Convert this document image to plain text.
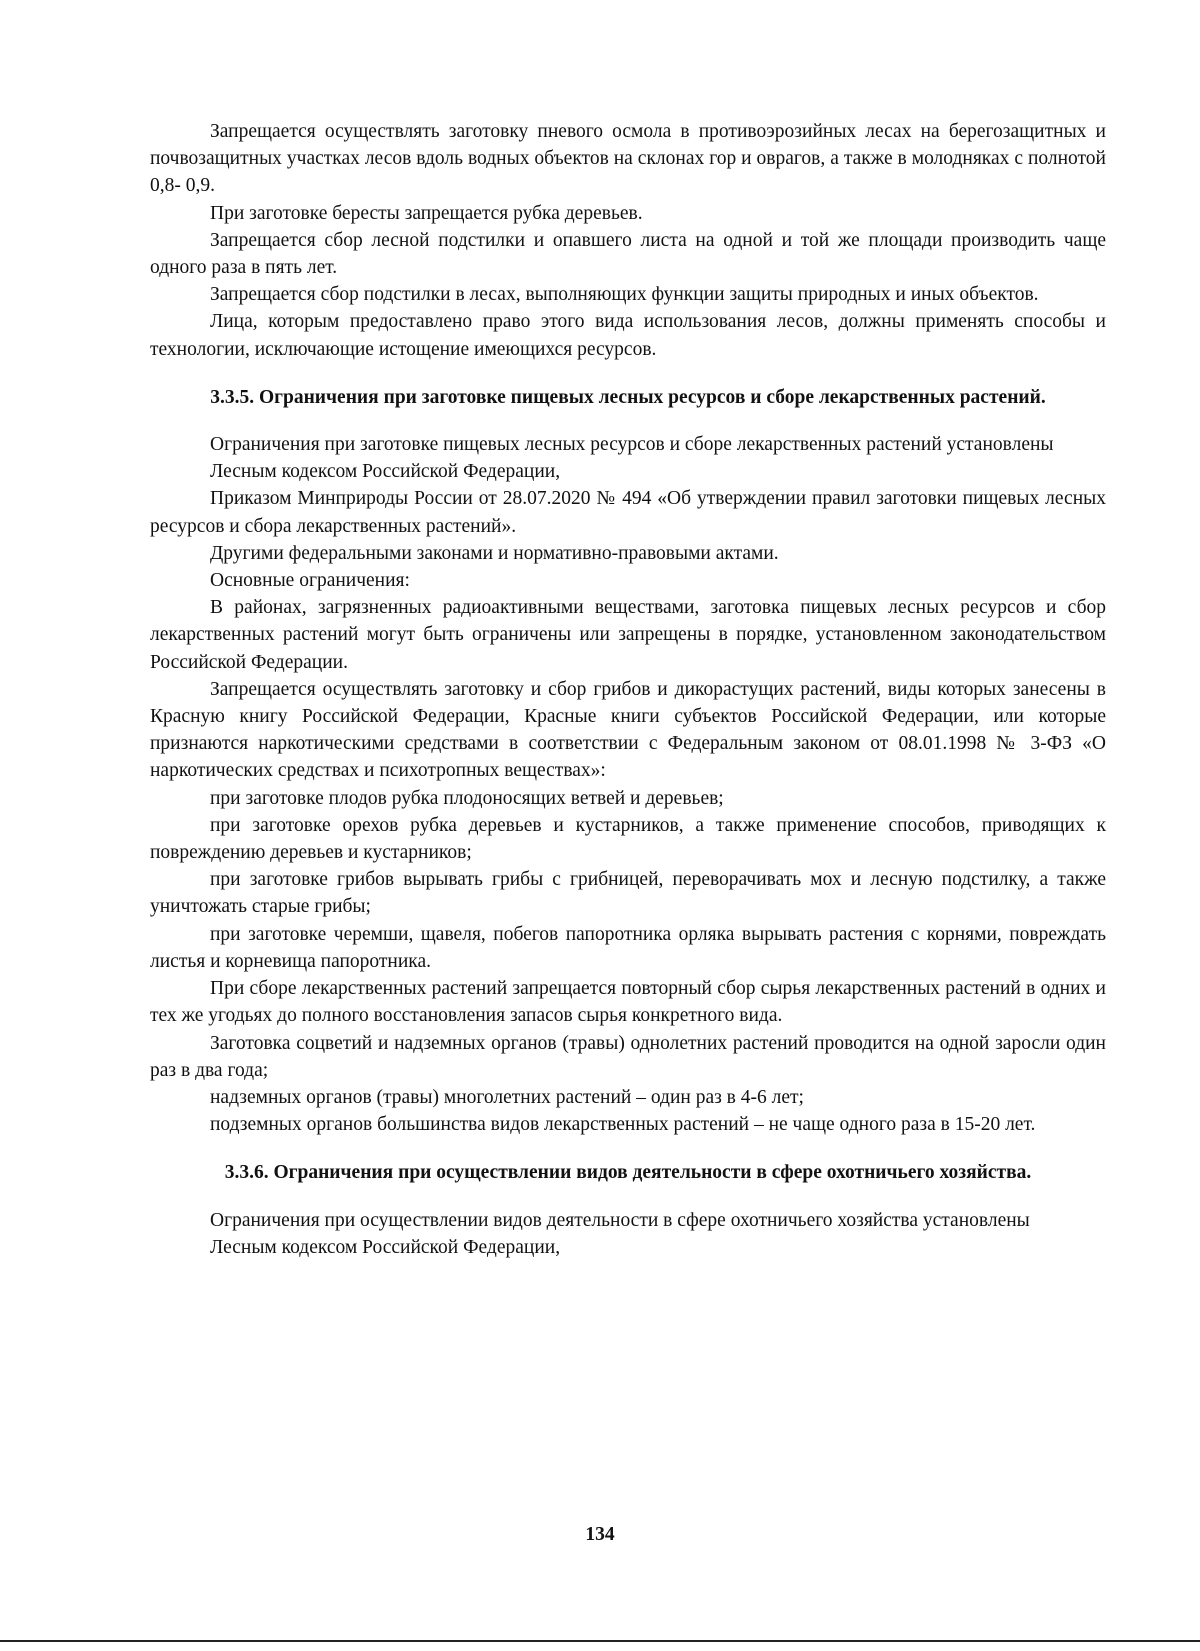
Запрещается осуществлять заготовку пневого осмола в противоэрозийных лесах на берегозащитных и почвозащитных участках лесов вдоль водных объектов на склонах гор и оврагов, а также в молодняках с полнотой 0,8- 0,9.

При заготовке бересты запрещается рубка деревьев.

Запрещается сбор лесной подстилки и опавшего листа на одной и той же площади производить чаще одного раза в пять лет.

Запрещается сбор подстилки в лесах, выполняющих функции защиты природных и иных объектов.

Лица, которым предоставлено право этого вида использования лесов, должны применять способы и технологии, исключающие истощение имеющихся ресурсов.

3.3.5. Ограничения при заготовке пищевых лесных ресурсов и сборе лекарственных растений.

Ограничения при заготовке пищевых лесных ресурсов и сборе лекарственных растений установлены

Лесным кодексом Российской Федерации,

Приказом Минприроды России от 28.07.2020 № 494 «Об утверждении правил заготовки пищевых лесных ресурсов и сбора лекарственных растений».

Другими федеральными законами и нормативно-правовыми актами.

Основные ограничения:

В районах, загрязненных радиоактивными веществами, заготовка пищевых лесных ресурсов и сбор лекарственных растений могут быть ограничены или запрещены в порядке, установленном законодательством Российской Федерации.

Запрещается осуществлять заготовку и сбор грибов и дикорастущих растений, виды которых занесены в Красную книгу Российской Федерации, Красные книги субъектов Российской Федерации, или которые признаются наркотическими средствами в соответствии с Федеральным законом от 08.01.1998 № 3-ФЗ «О наркотических средствах и психотропных веществах»:

при заготовке плодов рубка плодоносящих ветвей и деревьев;

при заготовке орехов рубка деревьев и кустарников, а также применение способов, приводящих к повреждению деревьев и кустарников;

при заготовке грибов вырывать грибы с грибницей, переворачивать мох и лесную подстилку, а также уничтожать старые грибы;

при заготовке черемши, щавеля, побегов папоротника орляка вырывать растения с корнями, повреждать листья и корневища папоротника.

При сборе лекарственных растений запрещается повторный сбор сырья лекарственных растений в одних и тех же угодьях до полного восстановления запасов сырья конкретного вида.

Заготовка соцветий и надземных органов (травы) однолетних растений проводится на одной заросли один раз в два года;

надземных органов (травы) многолетних растений – один раз в 4-6 лет;

подземных органов большинства видов лекарственных растений – не чаще одного раза в 15-20 лет.

3.3.6. Ограничения при осуществлении видов деятельности в сфере охотничьего хозяйства.

Ограничения при осуществлении видов деятельности в сфере охотничьего хозяйства установлены

Лесным кодексом Российской Федерации,

134
